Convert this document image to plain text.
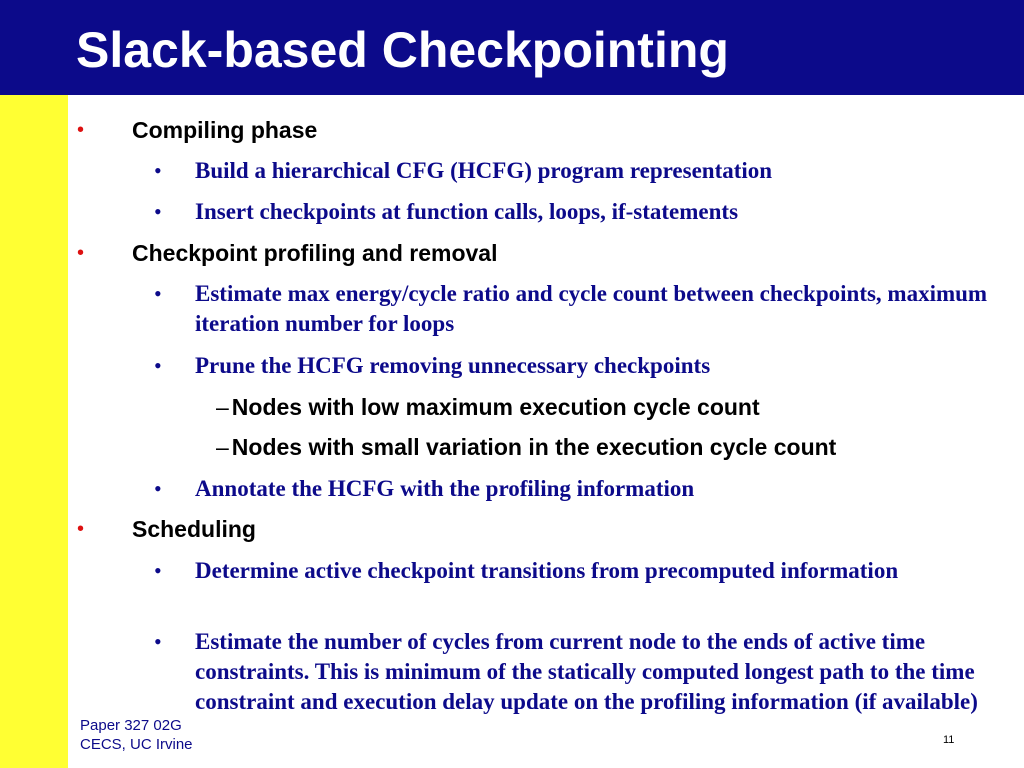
Slack-based Checkpointing
• Compiling phase
• Build a hierarchical CFG (HCFG) program representation
• Insert checkpoints at function calls, loops, if-statements
• Checkpoint profiling and removal
• Estimate max energy/cycle ratio and cycle count between checkpoints, maximum iteration number for loops
• Prune the HCFG removing unnecessary checkpoints
– Nodes with low maximum execution cycle count
– Nodes with small variation in the execution cycle count
• Annotate the HCFG with the profiling information
• Scheduling
• Determine active checkpoint transitions from precomputed information
• Estimate the number of cycles from current node to the ends of active time constraints. This is minimum of the statically computed longest path to the time constraint and execution delay update on the profiling information (if available)
Paper 327 02G
CECS, UC Irvine	11
